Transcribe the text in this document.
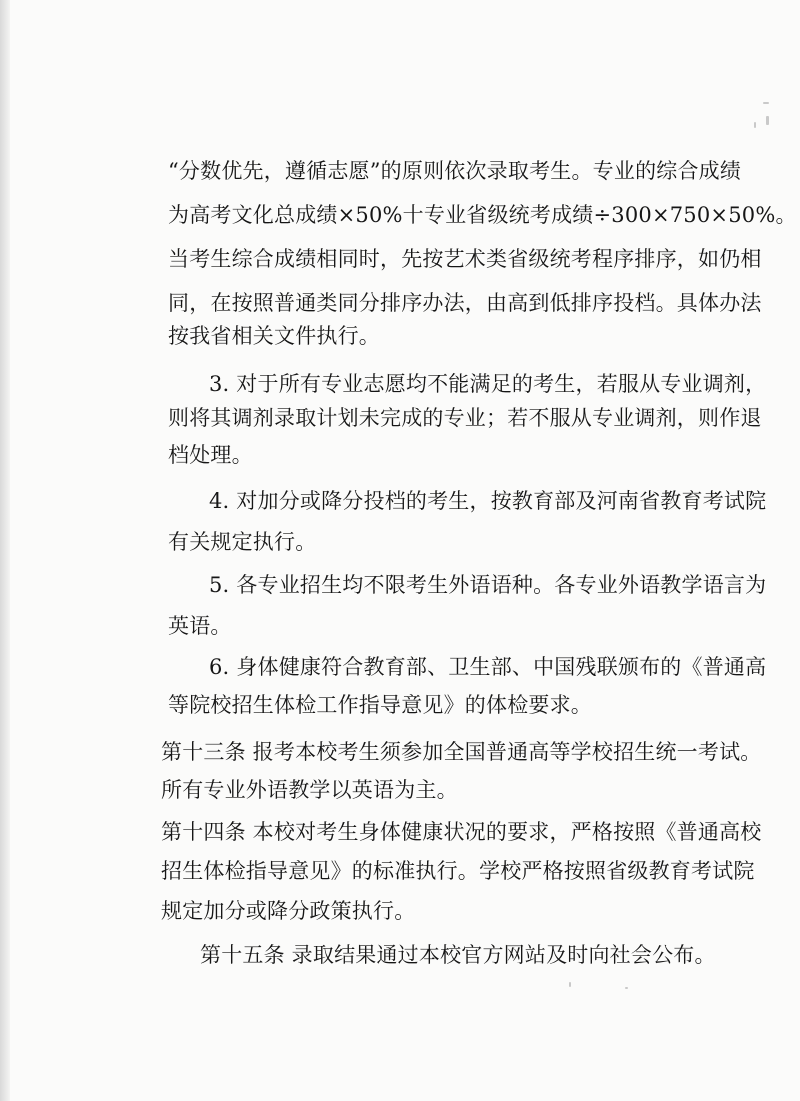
“分数优先，遵循志愿”的原则依次录取考生。专业的综合成绩

为高考文化总成绩×50%十专业省级统考成绩÷300×750×50%。

当考生综合成绩相同时，先按艺术类省级统考程序排序，如仍相

同，在按照普通类同分排序办法，由高到低排序投档。具体办法

按我省相关文件执行。

3. 对于所有专业志愿均不能满足的考生，若服从专业调剂，

则将其调剂录取计划未完成的专业；若不服从专业调剂，则作退

档处理。

4. 对加分或降分投档的考生，按教育部及河南省教育考试院

有关规定执行。

5. 各专业招生均不限考生外语语种。各专业外语教学语言为

英语。

6. 身体健康符合教育部、卫生部、中国残联颁布的《普通高

等院校招生体检工作指导意见》的体检要求。

第十三条 报考本校考生须参加全国普通高等学校招生统一考试。

所有专业外语教学以英语为主。

第十四条 本校对考生身体健康状况的要求，严格按照《普通高校

招生体检指导意见》的标准执行。学校严格按照省级教育考试院

规定加分或降分政策执行。

第十五条 录取结果通过本校官方网站及时向社会公布。
